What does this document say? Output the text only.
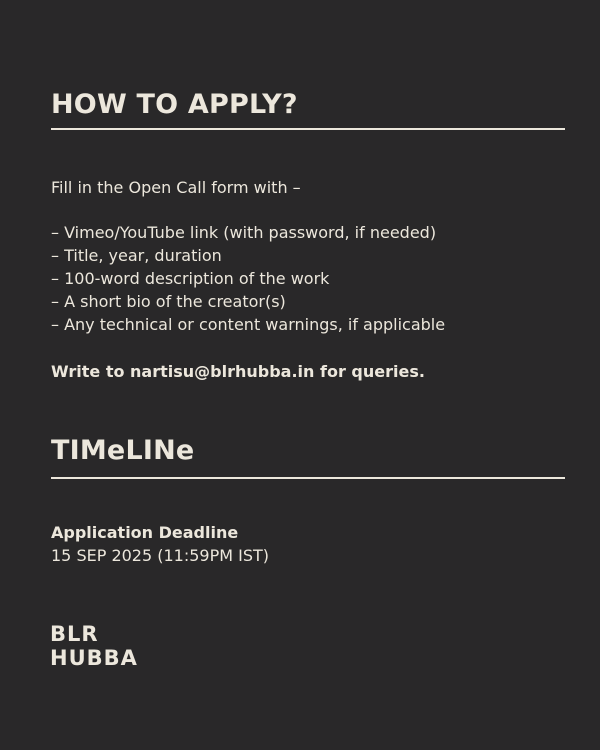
HOW TO APPLY?

Fill in the Open Call form with –

– Vimeo/YouTube link (with password, if needed)

– Title, year, duration

– 100-word description of the work

– A short bio of the creator(s)

– Any technical or content warnings, if applicable

Write to nartisu@blrhubba.in for queries.

TIMeLINe

Application Deadline

15 SEP 2025 (11:59PM IST)

BLR
HUBBA
